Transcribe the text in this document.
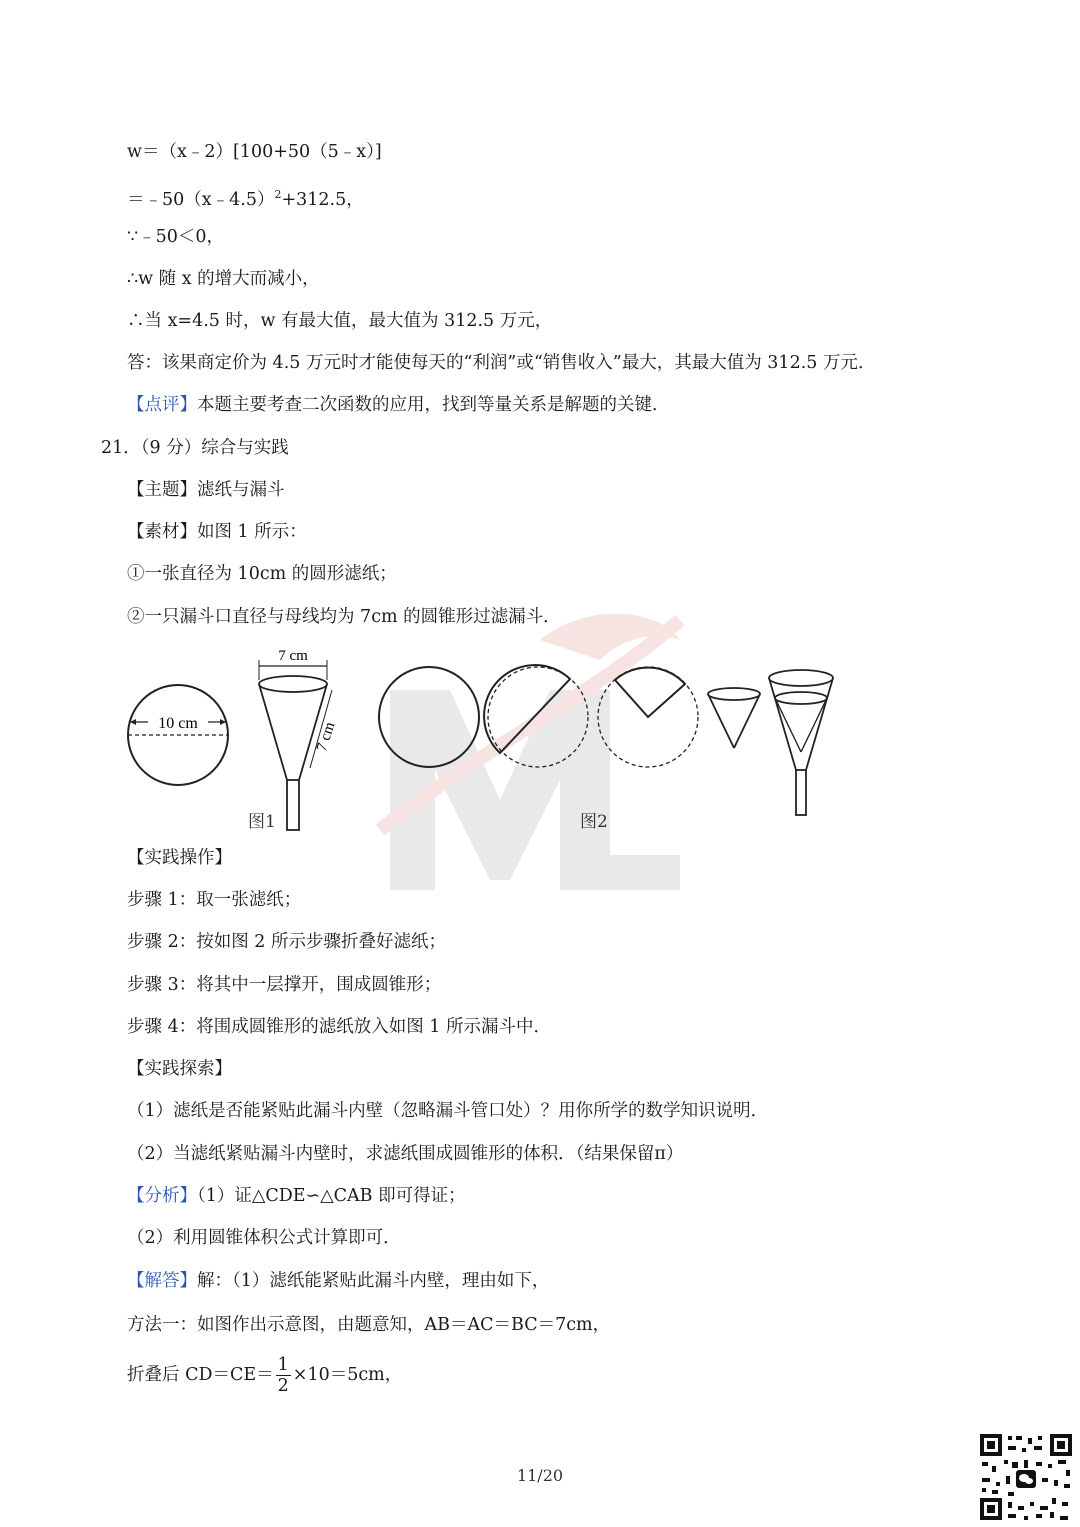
w＝（x﹣2）[100+50（5﹣x）]
＝﹣50（x﹣4.5）$^2$+312.5，
∵﹣50＜0，
∴w 随 x 的增大而减小，
∴当 x=4.5 时，w 有最大值，最大值为 312.5 万元，
答：该果商定价为 4.5 万元时才能使每天的“利润”或“销售收入”最大，其最大值为 312.5 万元．
【点评】本题主要考查二次函数的应用，找到等量关系是解题的关键．
21．（9 分）综合与实践
【主题】滤纸与漏斗
【素材】如图 1 所示：
①一张直径为 10cm 的圆形滤纸；
②一只漏斗口直径与母线均为 7cm 的圆锥形过滤漏斗．
10 cm
7 cm
7 cm
图1	图2
【实践操作】
步骤 1：取一张滤纸；
步骤 2：按如图 2 所示步骤折叠好滤纸；
步骤 3：将其中一层撑开，围成圆锥形；
步骤 4：将围成圆锥形的滤纸放入如图 1 所示漏斗中．
【实践探索】
（1）滤纸是否能紧贴此漏斗内壁（忽略漏斗管口处）？用你所学的数学知识说明．
（2）当滤纸紧贴漏斗内壁时，求滤纸围成圆锥形的体积．（结果保留π）
【分析】（1）证△CDE∽△CAB 即可得证；
（2）利用圆锥体积公式计算即可．
【解答】解：（1）滤纸能紧贴此漏斗内壁，理由如下，
方法一：如图作出示意图，由题意知，AB＝AC＝BC＝7cm，
折叠后 $CD=CE= \frac{1}{2} \times 10=5cm$，
11/20
